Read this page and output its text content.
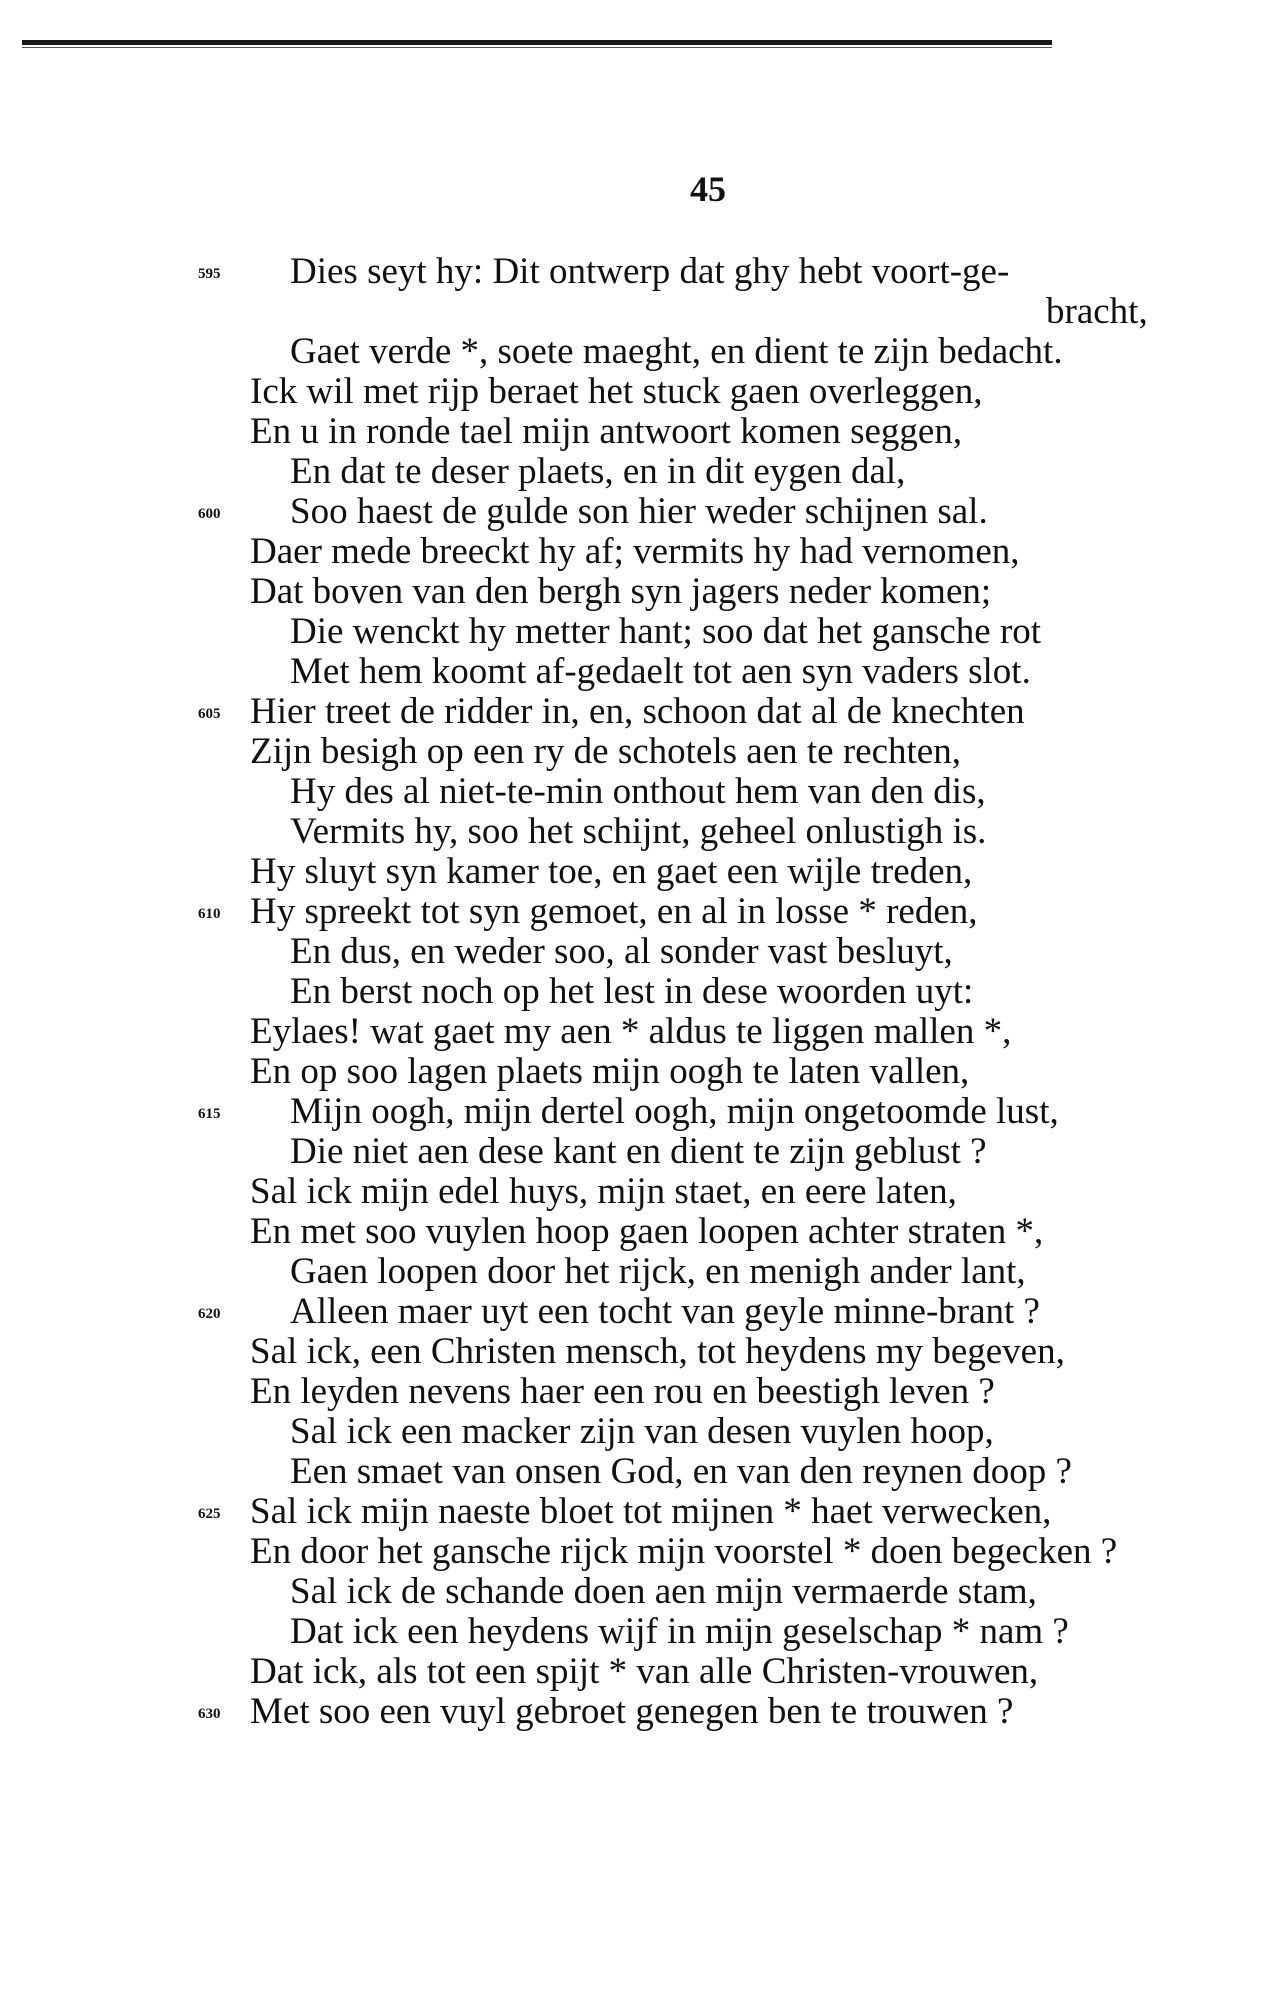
45
595 Dies seyt hy: Dit ontwerp dat ghy hebt voort-ge-
bracht,
Gaet verde *, soete maeght, en dient te zijn bedacht.
Ick wil met rijp beraet het stuck gaen overleggen,
En u in ronde tael mijn antwoort komen seggen,
En dat te deser plaets, en in dit eygen dal,
600 Soo haest de gulde son hier weder schijnen sal.
Daer mede breeckt hy af; vermits hy had vernomen,
Dat boven van den bergh syn jagers neder komen;
Die wenckt hy metter hant; soo dat het gansche rot
Met hem koomt af-gedaelt tot aen syn vaders slot.
605 Hier treet de ridder in, en, schoon dat al de knechten
Zijn besigh op een ry de schotels aen te rechten,
Hy des al niet-te-min onthout hem van den dis,
Vermits hy, soo het schijnt, geheel onlustigh is.
Hy sluyt syn kamer toe, en gaet een wijle treden,
610 Hy spreekt tot syn gemoet, en al in losse * reden,
En dus, en weder soo, al sonder vast besluyt,
En berst noch op het lest in dese woorden uyt:
Eylaes! wat gaet my aen * aldus te liggen mallen *,
En op soo lagen plaets mijn oogh te laten vallen,
615 Mijn oogh, mijn dertel oogh, mijn ongetoomde lust,
Die niet aen dese kant en dient te zijn geblust ?
Sal ick mijn edel huys, mijn staet, en eere laten,
En met soo vuylen hoop gaen loopen achter straten *,
Gaen loopen door het rijck, en menigh ander lant,
620 Alleen maer uyt een tocht van geyle minne-brant ?
Sal ick, een Christen mensch, tot heydens my begeven,
En leyden nevens haer een rou en beestigh leven ?
Sal ick een macker zijn van desen vuylen hoop,
Een smaet van onsen God, en van den reynen doop ?
625 Sal ick mijn naeste bloet tot mijnen * haet verwecken,
En door het gansche rijck mijn voorstel * doen begecken ?
Sal ick de schande doen aen mijn vermaerde stam,
Dat ick een heydens wijf in mijn geselschap * nam ?
Dat ick, als tot een spijt * van alle Christen-vrouwen,
630 Met soo een vuyl gebroet genegen ben te trouwen ?
